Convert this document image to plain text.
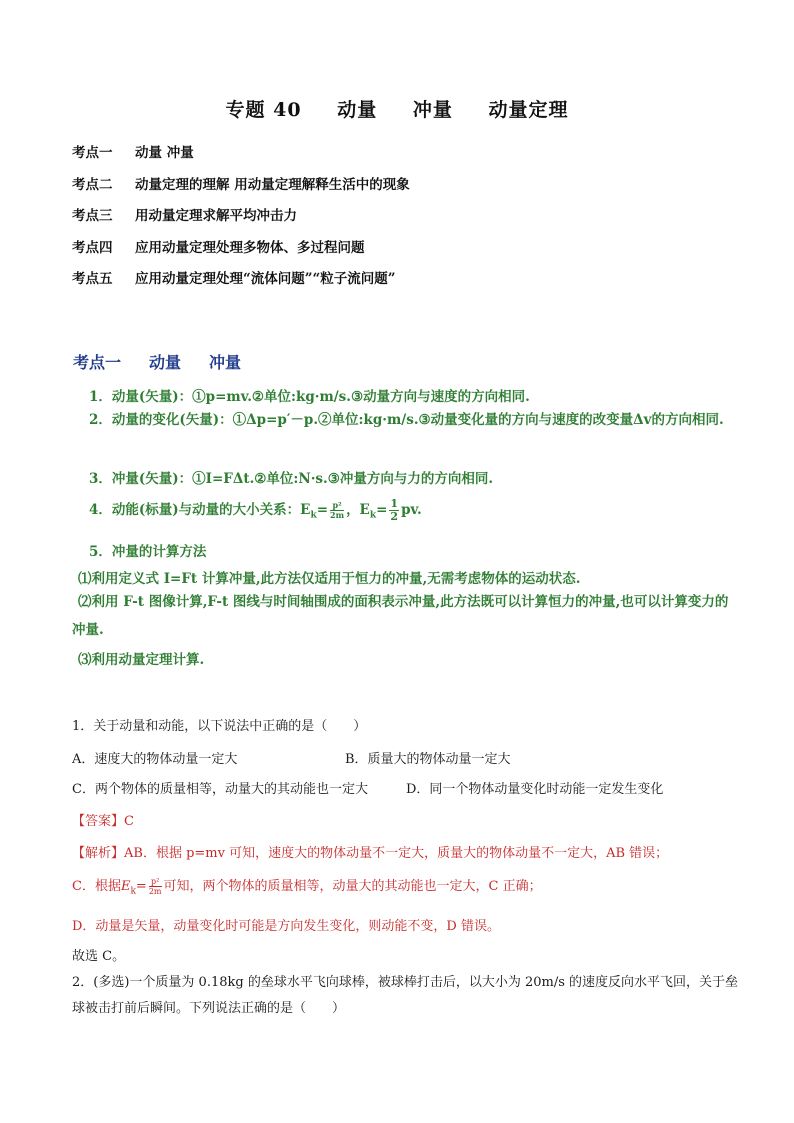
专题 40 动量 冲量 动量定理
考点一 动量 冲量
考点二 动量定理的理解 用动量定理解释生活中的现象
考点三 用动量定理求解平均冲击力
考点四 应用动量定理处理多物体、多过程问题
考点五 应用动量定理处理“流体问题”“粒子流问题”
考点一 动量 冲量
1．动量(矢量)：①p=mv.②单位:kg·m/s.③动量方向与速度的方向相同.
2．动量的变化(矢量)：①Δp=p′－p.②单位:kg·m/s.③动量变化量的方向与速度的改变量Δv的方向相同.
3．冲量(矢量)：①I=FΔt.②单位:N·s.③冲量方向与力的方向相同.
4．动能(标量)与动量的大小关系：$E_k= \frac{\text{p²}}{2m}$ ，$E_k= \frac{1}{2}$ pv.
5．冲量的计算方法
⑴利用定义式 I=Ft 计算冲量,此方法仅适用于恒力的冲量,无需考虑物体的运动状态.
⑵利用 F-t 图像计算,F-t 图线与时间轴围成的面积表示冲量,此方法既可以计算恒力的冲量,也可以计算变力的冲量.
⑶利用动量定理计算.
1．关于动量和动能，以下说法中正确的是（　　）
A．速度大的物体动量一定大	B．质量大的物体动量一定大
C．两个物体的质量相等，动量大的其动能也一定大	D．同一个物体动量变化时动能一定发生变化
【答案】C
【解析】AB．根据 p=mv 可知，速度大的物体动量不一定大，质量大的物体动量不一定大，AB 错误；
C．根据$E_k= \frac{\text{p²}}{2m}$ 可知，两个物体的质量相等，动量大的其动能也一定大，C 正确；
D．动量是矢量，动量变化时可能是方向发生变化，则动能不变，D 错误。
故选 C。
2．(多选)一个质量为 0.18kg 的垒球水平飞向球棒，被球棒打击后，以大小为 20m/s 的速度反向水平飞回，关于垒球被击打前后瞬间。下列说法正确的是（　　）
